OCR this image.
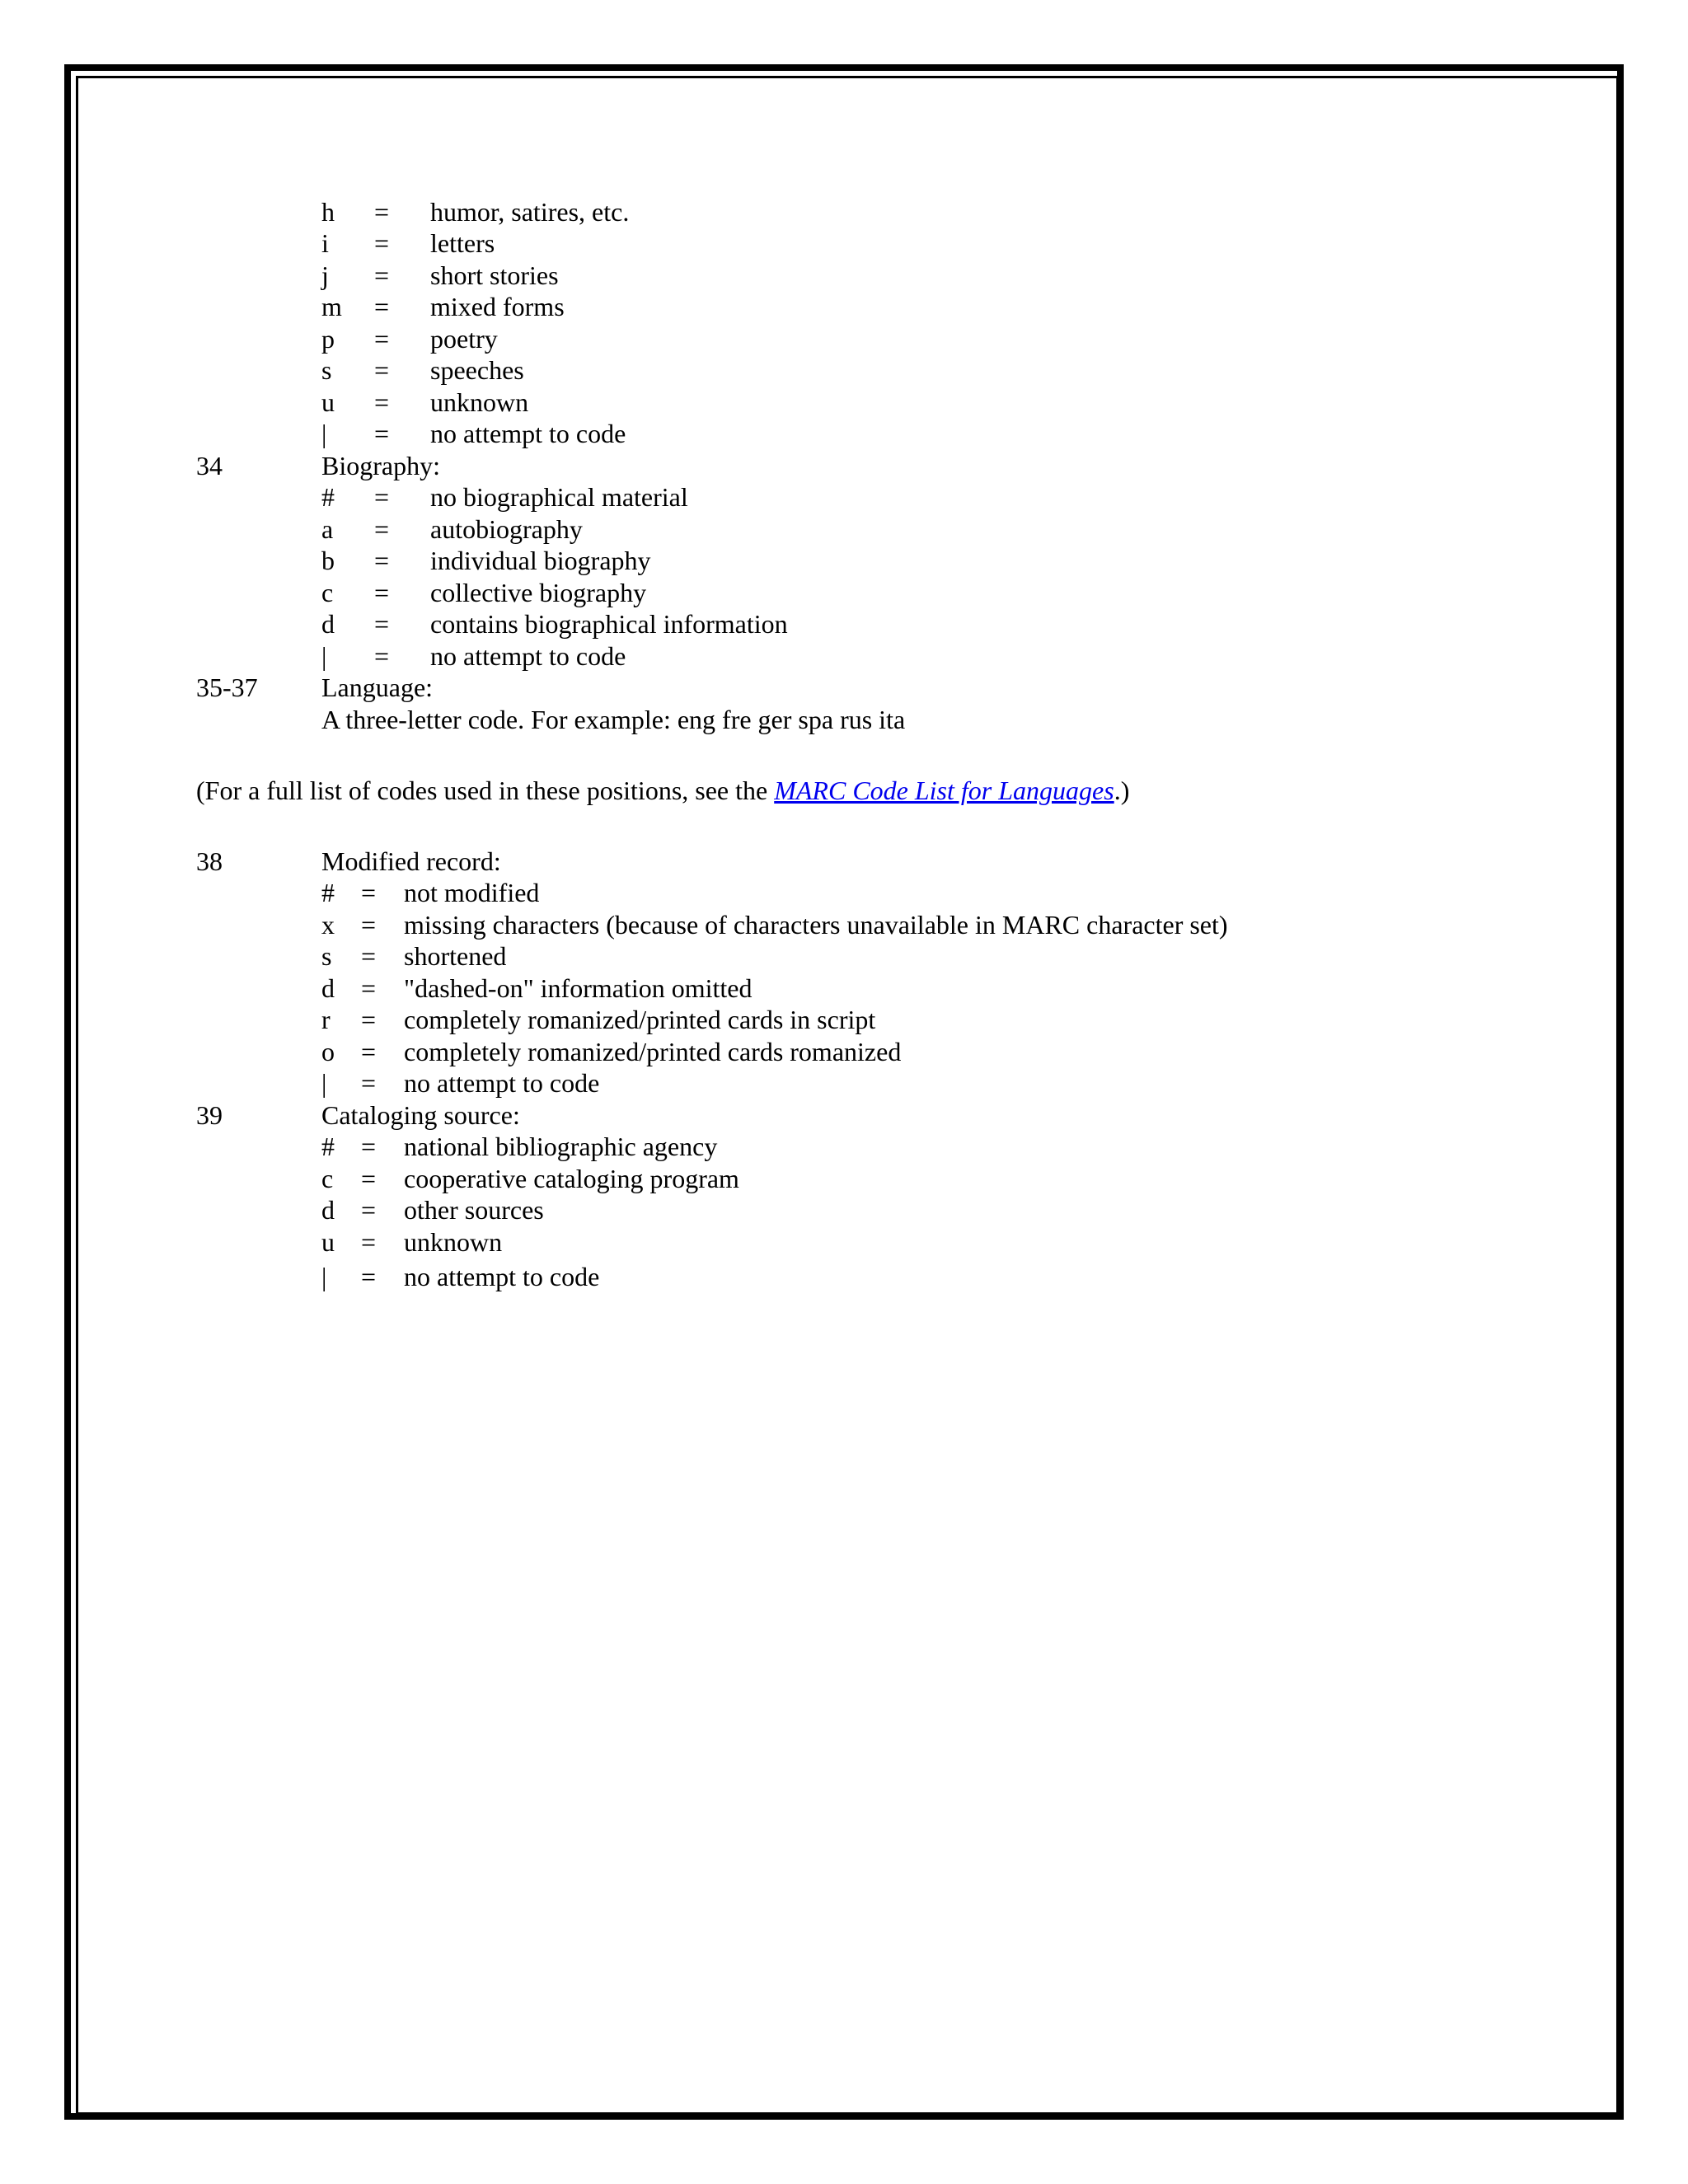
h = humor, satires, etc.
i = letters
j = short stories
m = mixed forms
p = poetry
s = speeches
u = unknown
| = no attempt to code
34	Biography:
# = no biographical material
a = autobiography
b = individual biography
c = collective biography
d = contains biographical information
| = no attempt to code
35-37 Language:
A three-letter code. For example: eng fre ger spa rus ita
(For a full list of codes used in these positions, see the MARC Code List for Languages.)
38	Modified record:
# = not modified
x = missing characters (because of characters unavailable in MARC character set)
s = shortened
d = "dashed-on" information omitted
r = completely romanized/printed cards in script
o = completely romanized/printed cards romanized
| = no attempt to code
39	Cataloging source:
# = national bibliographic agency
c = cooperative cataloging program
d = other sources
u = unknown
| = no attempt to code
